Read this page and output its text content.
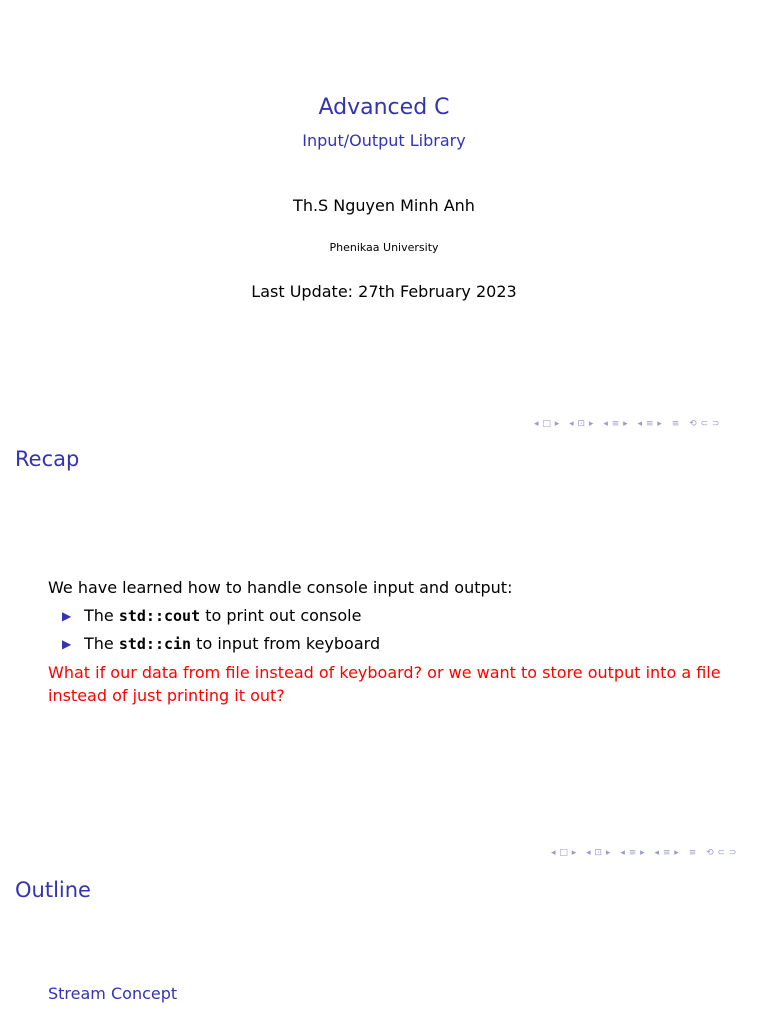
Advanced C
Input/Output Library
Th.S Nguyen Minh Anh
Phenikaa University
Last Update: 27th February 2023
◂ □ ▸ ◂ ⊡ ▸ ◂ ≡ ▸ ◂ ≡ ▸ ≡ ⟲ ⊂ ⊃
Recap
We have learned how to handle console input and output:
▶ The std::cout to print out console
▶ The std::cin to input from keyboard
What if our data from file instead of keyboard? or we want to store output into a file instead of just printing it out?
◂ □ ▸ ◂ ⊡ ▸ ◂ ≡ ▸ ◂ ≡ ▸ ≡ ⟲ ⊂ ⊃
Outline
Stream Concept
